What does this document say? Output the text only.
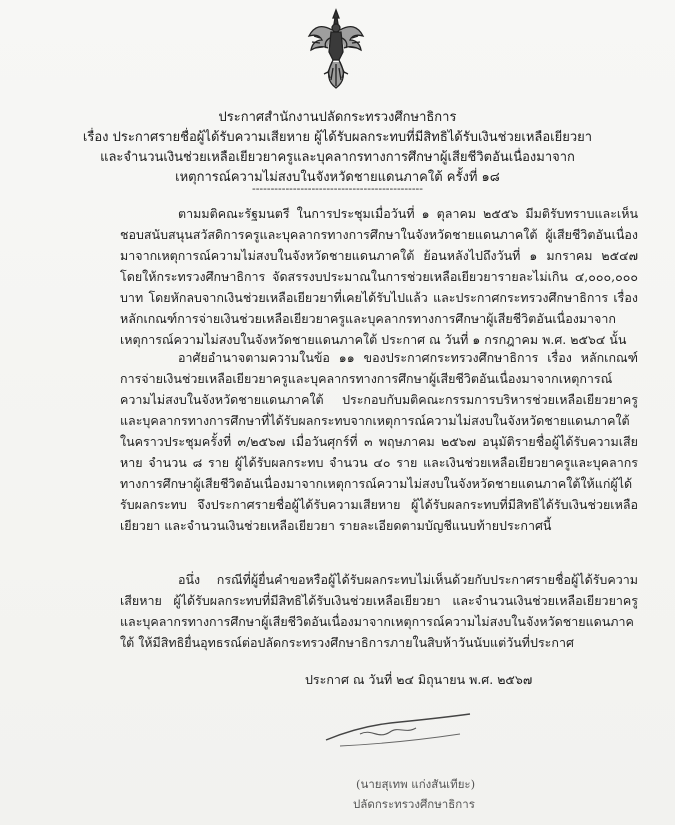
ประกาศสำนักงานปลัดกระทรวงศึกษาธิการ
เรื่อง ประกาศรายชื่อผู้ได้รับความเสียหาย ผู้ได้รับผลกระทบที่มีสิทธิได้รับเงินช่วยเหลือเยียวยา
และจำนวนเงินช่วยเหลือเยียวยาครูและบุคลากรทางการศึกษาผู้เสียชีวิตอันเนื่องมาจาก
เหตุการณ์ความไม่สงบในจังหวัดชายแดนภาคใต้ ครั้งที่ ๑๘
----------------------------------------------
ตามมติคณะรัฐมนตรี ในการประชุมเมื่อวันที่ ๑ ตุลาคม ๒๕๕๖ มีมติรับทราบและเห็นชอบสนับสนุนสวัสดิการครูและบุคลากรทางการศึกษาในจังหวัดชายแดนภาคใต้ ผู้เสียชีวิตอันเนื่องมาจากเหตุการณ์ความไม่สงบในจังหวัดชายแดนภาคใต้ ย้อนหลังไปถึงวันที่ ๑ มกราคม ๒๕๔๗ โดยให้กระทรวงศึกษาธิการ จัดสรรงบประมาณในการช่วยเหลือเยียวยารายละไม่เกิน ๔,๐๐๐,๐๐๐ บาท โดยหักลบจากเงินช่วยเหลือเยียวยาที่เคยได้รับไปแล้ว และประกาศกระทรวงศึกษาธิการ เรื่อง หลักเกณฑ์การจ่ายเงินช่วยเหลือเยียวยาครูและบุคลากรทางการศึกษาผู้เสียชีวิตอันเนื่องมาจากเหตุการณ์ความไม่สงบในจังหวัดชายแดนภาคใต้ ประกาศ ณ วันที่ ๑ กรกฎาคม พ.ศ. ๒๕๖๔ นั้น
อาศัยอำนาจตามความในข้อ ๑๑ ของประกาศกระทรวงศึกษาธิการ เรื่อง หลักเกณฑ์การจ่ายเงินช่วยเหลือเยียวยาครูและบุคลากรทางการศึกษาผู้เสียชีวิตอันเนื่องมาจากเหตุการณ์ความไม่สงบในจังหวัดชายแดนภาคใต้ ประกอบกับมติคณะกรรมการบริหารช่วยเหลือเยียวยาครูและบุคลากรทางการศึกษาที่ได้รับผลกระทบจากเหตุการณ์ความไม่สงบในจังหวัดชายแดนภาคใต้ ในคราวประชุมครั้งที่ ๓/๒๕๖๗ เมื่อวันศุกร์ที่ ๓ พฤษภาคม ๒๕๖๗ อนุมัติรายชื่อผู้ได้รับความเสียหาย จำนวน ๘ ราย ผู้ได้รับผลกระทบ จำนวน ๔๐ ราย และเงินช่วยเหลือเยียวยาครูและบุคลากรทางการศึกษาผู้เสียชีวิตอันเนื่องมาจากเหตุการณ์ความไม่สงบในจังหวัดชายแดนภาคใต้ให้แก่ผู้ได้รับผลกระทบ จึงประกาศรายชื่อผู้ได้รับความเสียหาย ผู้ได้รับผลกระทบที่มีสิทธิได้รับเงินช่วยเหลือเยียวยา และจำนวนเงินช่วยเหลือเยียวยา รายละเอียดตามบัญชีแนบท้ายประกาศนี้
อนึ่ง กรณีที่ผู้ยื่นคำขอหรือผู้ได้รับผลกระทบไม่เห็นด้วยกับประกาศรายชื่อผู้ได้รับความเสียหาย ผู้ได้รับผลกระทบที่มีสิทธิได้รับเงินช่วยเหลือเยียวยา และจำนวนเงินช่วยเหลือเยียวยาครูและบุคลากรทางการศึกษาผู้เสียชีวิตอันเนื่องมาจากเหตุการณ์ความไม่สงบในจังหวัดชายแดนภาคใต้ ให้มีสิทธิยื่นอุทธรณ์ต่อปลัดกระทรวงศึกษาธิการภายในสิบห้าวันนับแต่วันที่ประกาศ
ประกาศ ณ วันที่ ๒๔ มิถุนายน พ.ศ. ๒๕๖๗
(นายสุเทพ แก่งสันเทียะ)
ปลัดกระทรวงศึกษาธิการ
